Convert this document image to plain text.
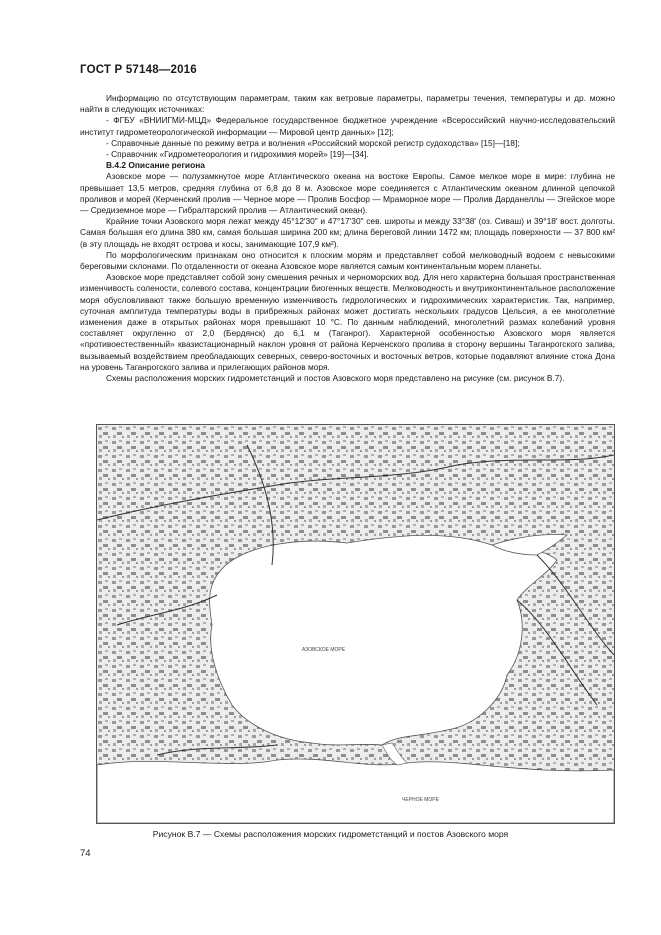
ГОСТ Р 57148—2016

Информацию по отсутствующим параметрам, таким как ветровые параметры, параметры течения, температуры и др. можно найти в следующих источниках:

- ФГБУ «ВНИИГМИ-МЦД» Федеральное государственное бюджетное учреждение «Всероссийский научно-исследовательский институт гидрометеорологической информации — Мировой центр данных» [12];

- Справочные данные по режиму ветра и волнения «Российский морской регистр судоходства» [15]—[18];

- Справочник «Гидрометеорология и гидрохимия морей» [19]—[34].

В.4.2 Описание региона

Азовское море — полузамкнутое море Атлантического океана на востоке Европы. Самое мелкое море в мире: глубина не превышает 13,5 метров, средняя глубина от 6,8 до 8 м. Азовское море соединяется с Атлантическим океаном длинной цепочкой проливов и морей (Керченский пролив — Черное море — Пролив Босфор — Мраморное море — Пролив Дарданеллы — Эгейское море — Средиземное море — Гибралтарский пролив — Атлантический океан).

Крайние точки Азовского моря лежат между 45°12'30" и 47°17'30" сев. широты и между 33°38′ (оз. Сиваш) и 39°18′ вост. долготы. Самая большая его длина 380 км, самая большая ширина 200 км; длина береговой линии 1472 км; площадь поверхности — 37 800 км² (в эту площадь не входят острова и косы, занимающие 107,9 км²).

По морфологическим признакам оно относится к плоским морям и представляет собой мелководный водоем с невысокими береговыми склонами. По отдаленности от океана Азовское море является самым континентальным морем планеты.

Азовское море представляет собой зону смешения речных и черноморских вод. Для него характерна большая пространственная изменчивость солености, солевого состава, концентрации биогенных веществ. Мелководность и внутриконтинентальное расположение моря обусловливают также большую временную изменчивость гидрологических и гидрохимических характеристик. Так, например, суточная амплитуда температуры воды в прибрежных районах может достигать нескольких градусов Цельсия, а ее многолетние изменения даже в открытых районах моря превышают 10 °С. По данным наблюдений, многолетний размах колебаний уровня составляет округленно от 2,0 (Бердянск) до 6,1 м (Таганрог). Характерной особенностью Азовского моря является «противоестественный» квазистационарный наклон уровня от района Керченского пролива в сторону вершины Таганрогского залива, вызываемый воздействием преобладающих северных, северо-восточных и восточных ветров, которые подавляют влияние стока Дона на уровень Таганрогского залива и прилегающих районов моря.

Схемы расположения морских гидрометстанций и постов Азовского моря представлено на рисунке (см. рисунок В.7).

АЗОВСКОЕ МОРЕ
ЧЕРНОЕ МОРЕ
Рисунок В.7 — Схемы расположения морских гидрометстанций и постов Азовского моря
74
